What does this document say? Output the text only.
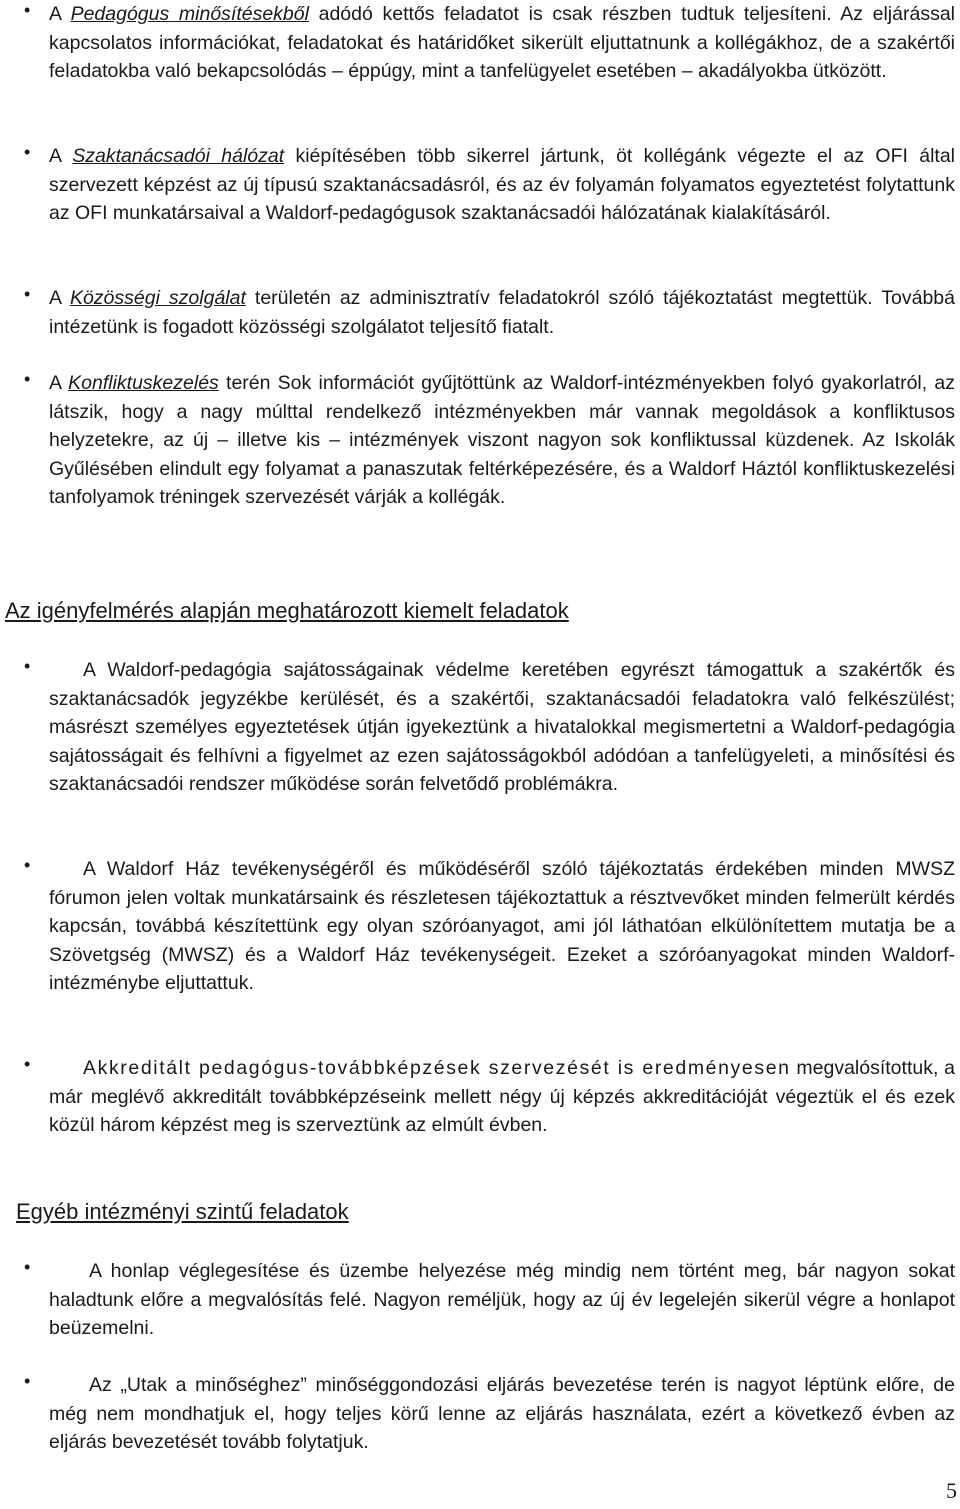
• A Pedagógus minősítésekből adódó kettős feladatot is csak részben tudtuk teljesíteni. Az eljárással kapcsolatos információkat, feladatokat és határidőket sikerült eljuttatnunk a kollégákhoz, de a szakértői feladatokba való bekapcsolódás – éppúgy, mint a tanfelügyelet esetében – akadályokba ütközött.
• A Szaktanácsadói hálózat kiépítésében több sikerrel jártunk, öt kollégánk végezte el az OFI által szervezett képzést az új típusú szaktanácsadásról, és az év folyamán folyamatos egyeztetést folytattunk az OFI munkatársaival a Waldorf-pedagógusok szaktanácsadói hálózatának kialakításáról.
• A Közösségi szolgálat területén az adminisztratív feladatokról szóló tájékoztatást megtettük. Továbbá intézetünk is fogadott közösségi szolgálatot teljesítő fiatalt.
• A Konfliktuskezelés terén Sok információt gyűjtöttünk az Waldorf-intézményekben folyó gyakorlatról, az látszik, hogy a nagy múlttal rendelkező intézményekben már vannak megoldások a konfliktusos helyzetekre, az új – illetve kis – intézmények viszont nagyon sok konfliktussal küzdenek. Az Iskolák Gyűlésében elindult egy folyamat a panaszutak feltérképezésére, és a Waldorf Háztól konfliktuskezelési tanfolyamok tréningek szervezését várják a kollégák.
Az igényfelmérés alapján meghatározott kiemelt feladatok
•	A Waldorf-pedagógia sajátosságainak védelme keretében egyrészt támogattuk a szakértők és szaktanácsadók jegyzékbe kerülését, és a szakértői, szaktanácsadói feladatokra való felkészülést; másrészt személyes egyeztetések útján igyekeztünk a hivatalokkal megismertetni a Waldorf-pedagógia sajátosságait és felhívni a figyelmet az ezen sajátosságokból adódóan a tanfelügyeleti, a minősítési és szaktanácsadói rendszer működése során felvetődő problémákra.
•	A Waldorf Ház tevékenységéről és működéséről szóló tájékoztatás érdekében minden MWSZ fórumon jelen voltak munkatársaink és részletesen tájékoztattuk a résztvevőket minden felmerült kérdés kapcsán, továbbá készítettünk egy olyan szóróanyagot, ami jól láthatóan elkülönítettem mutatja be a Szövetgség (MWSZ) és a Waldorf Ház tevékenységeit. Ezeket a szóróanyagokat minden Waldorf-intézménybe eljuttattuk.
•	Akkreditált pedagógus-továbbképzések szervezését is eredményesen megvalósítottuk, a már meglévő akkreditált továbbképzéseink mellett négy új képzés akkreditációját végeztük el és ezek közül három képzést meg is szerveztünk az elmúlt évben.
Egyéb intézményi szintű feladatok
•	A honlap véglegesítése és üzembe helyezése még mindig nem történt meg, bár nagyon sokat haladtunk előre a megvalósítás felé. Nagyon reméljük, hogy az új év legelején sikerül végre a honlapot beüzemelni.
•	Az „Utak a minőséghez” minőséggondozási eljárás bevezetése terén is nagyot léptünk előre, de még nem mondhatjuk el, hogy teljes körű lenne az eljárás használata, ezért a következő évben az eljárás bevezetését tovább folytatjuk.
5
